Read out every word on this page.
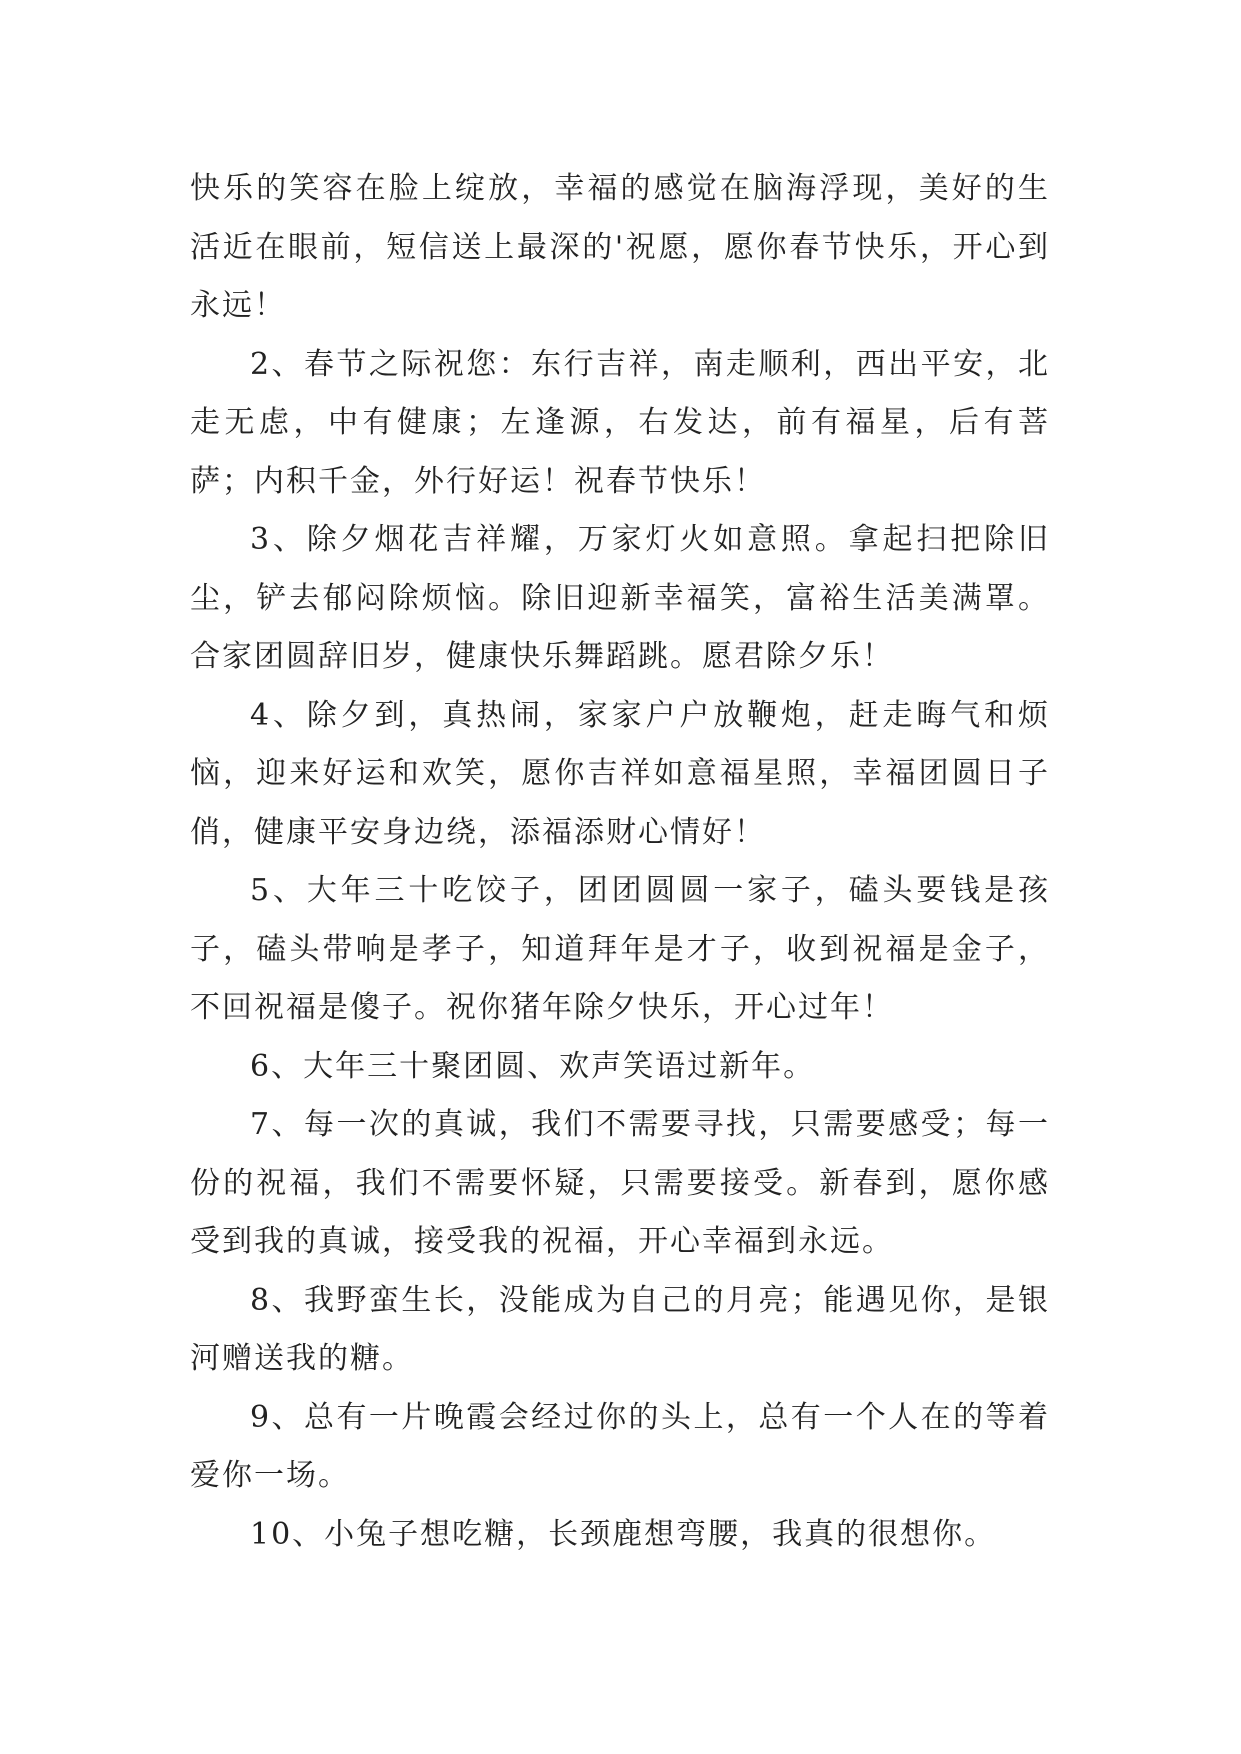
快乐的笑容在脸上绽放，幸福的感觉在脑海浮现，美好的生活近在眼前，短信送上最深的'祝愿，愿你春节快乐，开心到永远！

2、春节之际祝您：东行吉祥，南走顺利，西出平安，北走无虑，中有健康；左逢源，右发达，前有福星，后有菩萨；内积千金，外行好运！祝春节快乐！

3、除夕烟花吉祥耀，万家灯火如意照。拿起扫把除旧尘，铲去郁闷除烦恼。除旧迎新幸福笑，富裕生活美满罩。合家团圆辞旧岁，健康快乐舞蹈跳。愿君除夕乐！

4、除夕到，真热闹，家家户户放鞭炮，赶走晦气和烦恼，迎来好运和欢笑，愿你吉祥如意福星照，幸福团圆日子俏，健康平安身边绕，添福添财心情好！

5、大年三十吃饺子，团团圆圆一家子，磕头要钱是孩子，磕头带响是孝子，知道拜年是才子，收到祝福是金子，不回祝福是傻子。祝你猪年除夕快乐，开心过年！

6、大年三十聚团圆、欢声笑语过新年。

7、每一次的真诚，我们不需要寻找，只需要感受；每一份的祝福，我们不需要怀疑，只需要接受。新春到，愿你感受到我的真诚，接受我的祝福，开心幸福到永远。

8、我野蛮生长，没能成为自己的月亮；能遇见你，是银河赠送我的糖。

9、总有一片晚霞会经过你的头上，总有一个人在的等着爱你一场。

10、小兔子想吃糖，长颈鹿想弯腰，我真的很想你。
